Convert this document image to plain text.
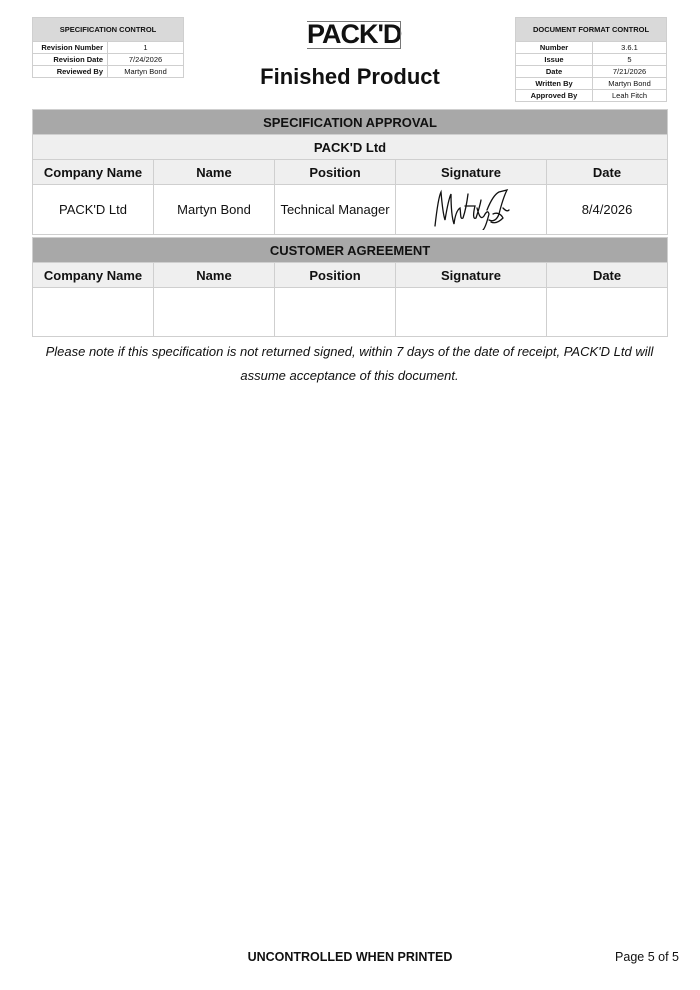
SPECIFICATION CONTROL	
Revision Number	1
Revision Date	7/24/2026
Reviewed By	Martyn Bond
PACK'D
Finished Product
DOCUMENT FORMAT CONTROL	
Number	3.6.1
Issue	5
Date	7/21/2026
Written By	Martyn Bond
Approved By	Leah Fitch
SPECIFICATION APPROVAL				
PACK'D Ltd				
Company Name	Name	Position	Signature	Date
PACK'D Ltd	Martyn Bond	Technical Manager		8/4/2026
CUSTOMER AGREEMENT				
Company Name	Name	Position	Signature	Date

Please note if this specification is not returned signed, within 7 days of the date of receipt, PACK'D Ltd will assume acceptance of this document.
UNCONTROLLED WHEN PRINTED	Page 5 of 5
